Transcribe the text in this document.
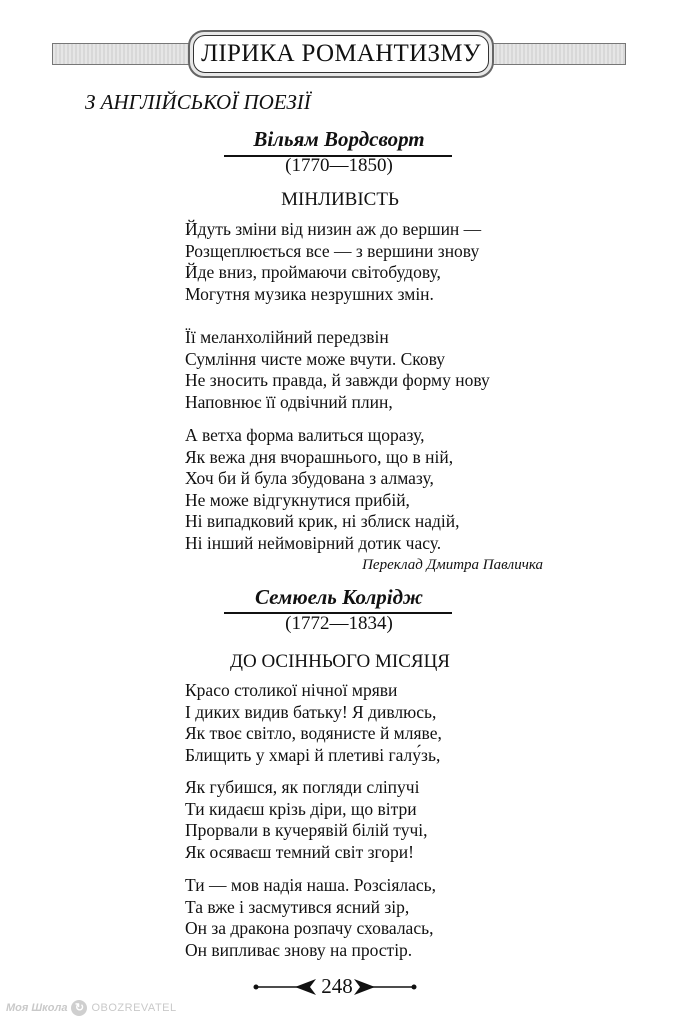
Моя Школа ↻ OBOZREVATEL
ЛІРИКА РОМАНТИЗМУ
З АНГЛІЙСЬКОЇ ПОЕЗІЇ
Вільям Вордсворт
(1770—1850)
МІНЛИВІСТЬ
Йдуть зміни від низин аж до вершин —
Розщеплюється все — з вершини знову
Йде вниз, проймаючи світобудову,
Могутня музика незрушних змін.
Її меланхолійний передзвін
Сумління чисте може вчути. Скову
Не зносить правда, й завжди форму нову
Наповнює її одвічний плин,
А ветха форма валиться щоразу,
Як вежа дня вчорашнього, що в ній,
Хоч би й була збудована з алмазу,
Не може відгукнутися прибій,
Ні випадковий крик, ні зблиск надій,
Ні інший неймовірний дотик часу.
Переклад Дмитра Павличка
Семюель Колрідж
(1772—1834)
ДО ОСІННЬОГО МІСЯЦЯ
Красо столикої нічної мряви
І диких видив батьку! Я дивлюсь,
Як твоє світло, водянисте й мляве,
Блищить у хмарі й плетиві галу́зь,
Як губишся, як погляди сліпучі
Ти кидаєш крізь діри, що вітри
Прорвали в кучерявій білій тучі,
Як осяваєш темний світ згори!
Ти — мов надія наша. Розсіялась,
Та вже і засмутився ясний зір,
Он за дракона розпачу сховалась,
Он випливає знову на простір.
248
